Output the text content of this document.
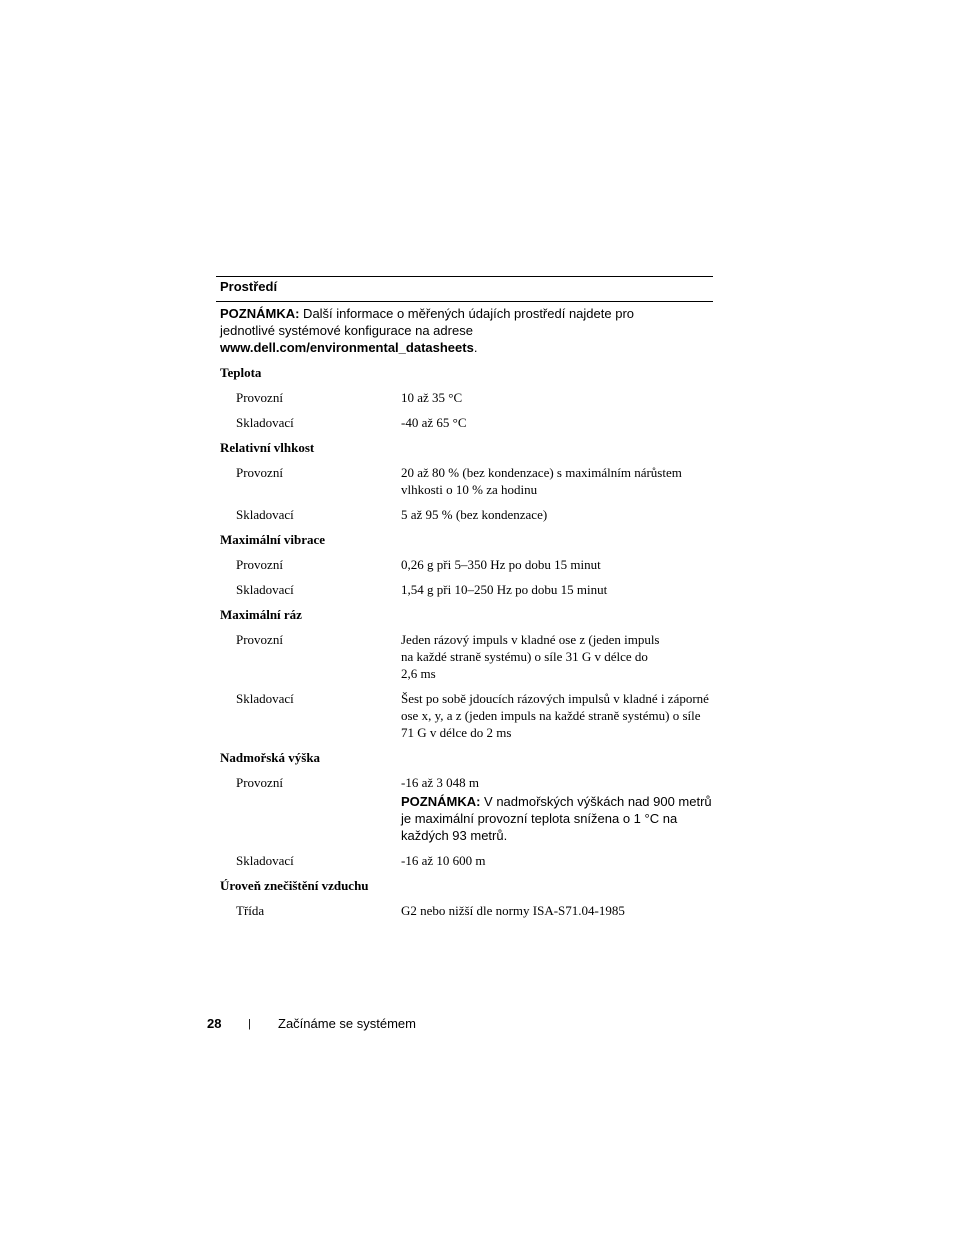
Prostředí
POZNÁMKA: Další informace o měřených údajích prostředí najdete pro jednotlivé systémové konfigurace na adrese www.dell.com/environmental_datasheets.
Teplota
Provozní	10 až 35 °C
Skladovací	-40 až 65 °C
Relativní vlhkost
Provozní	20 až 80 % (bez kondenzace) s maximálním nárůstem vlhkosti o 10 % za hodinu
Skladovací	5 až 95 % (bez kondenzace)
Maximální vibrace
Provozní	0,26 g při 5–350 Hz po dobu 15 minut
Skladovací	1,54 g při 10–250 Hz po dobu 15 minut
Maximální ráz
Provozní	Jeden rázový impuls v kladné ose z (jeden impuls na každé straně systému) o síle 31 G v délce do 2,6 ms
Skladovací	Šest po sobě jdoucích rázových impulsů v kladné i záporné ose x, y, a z (jeden impuls na každé straně systému) o síle 71 G v délce do 2 ms
Nadmořská výška
Provozní	-16 až 3 048 m
POZNÁMKA: V nadmořských výškách nad 900 metrů je maximální provozní teplota snížena o 1 °C na každých 93 metrů.
Skladovací	-16 až 10 600 m
Úroveň znečištění vzduchu
Třída	G2 nebo nižší dle normy ISA-S71.04-1985
28 | Začínáme se systémem
